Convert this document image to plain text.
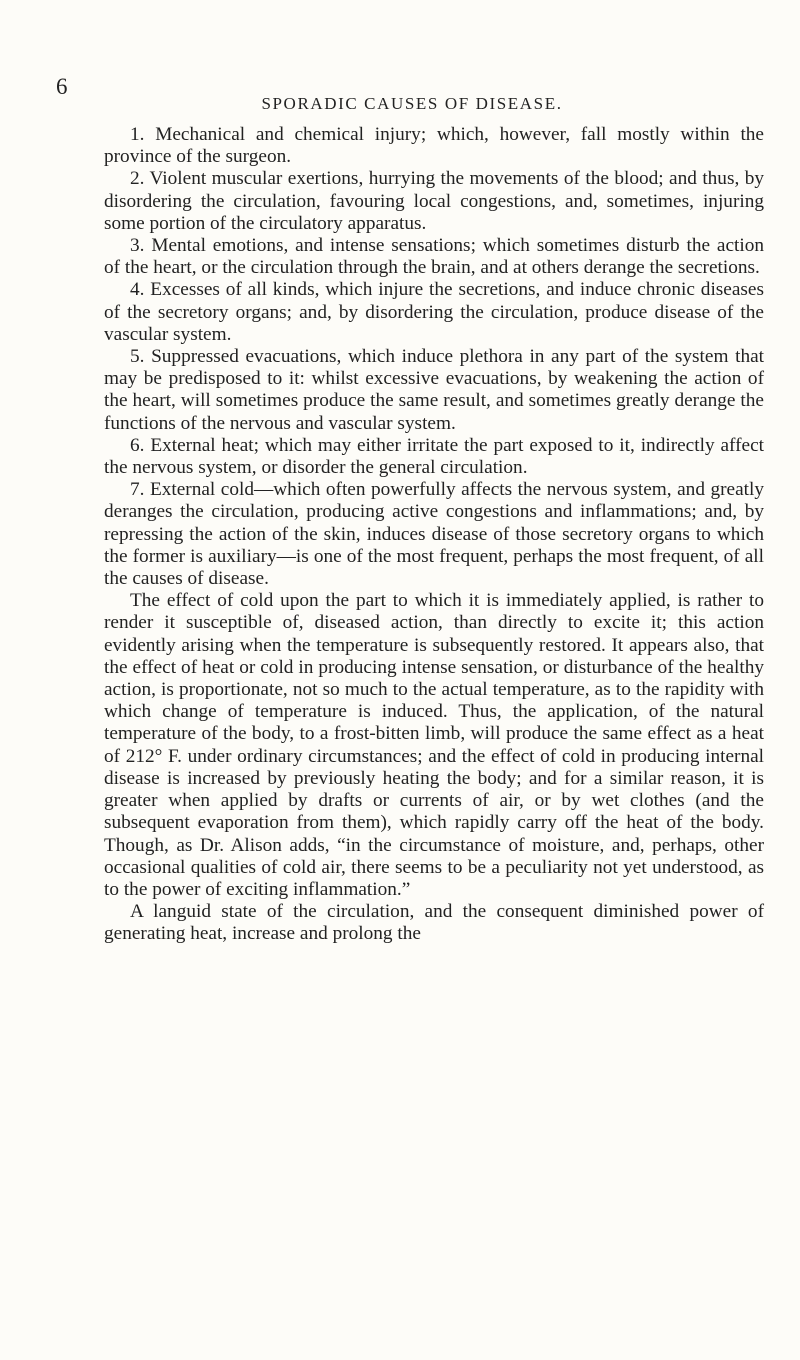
6
SPORADIC CAUSES OF DISEASE.

1. Mechanical and chemical injury; which, however, fall mostly within the province of the surgeon.

2. Violent muscular exertions, hurrying the movements of the blood; and thus, by disordering the circulation, favouring local congestions, and, sometimes, injuring some portion of the circulatory apparatus.

3. Mental emotions, and intense sensations; which sometimes disturb the action of the heart, or the circulation through the brain, and at others derange the secretions.

4. Excesses of all kinds, which injure the secretions, and induce chronic diseases of the secretory organs; and, by disordering the circulation, produce disease of the vascular system.

5. Suppressed evacuations, which induce plethora in any part of the system that may be predisposed to it: whilst excessive evacuations, by weakening the action of the heart, will sometimes produce the same result, and sometimes greatly derange the functions of the nervous and vascular system.

6. External heat; which may either irritate the part exposed to it, indirectly affect the nervous system, or disorder the general circulation.

7. External cold—which often powerfully affects the nervous system, and greatly deranges the circulation, producing active congestions and inflammations; and, by repressing the action of the skin, induces disease of those secretory organs to which the former is auxiliary—is one of the most frequent, perhaps the most frequent, of all the causes of disease.

The effect of cold upon the part to which it is immediately applied, is rather to render it susceptible of, diseased action, than directly to excite it; this action evidently arising when the temperature is subsequently restored. It appears also, that the effect of heat or cold in producing intense sensation, or disturbance of the healthy action, is proportionate, not so much to the actual temperature, as to the rapidity with which change of temperature is induced. Thus, the application, of the natural temperature of the body, to a frost-bitten limb, will produce the same effect as a heat of 212° F. under ordinary circumstances; and the effect of cold in producing internal disease is increased by previously heating the body; and for a similar reason, it is greater when applied by drafts or currents of air, or by wet clothes (and the subsequent evaporation from them), which rapidly carry off the heat of the body. Though, as Dr. Alison adds, “in the circumstance of moisture, and, perhaps, other occasional qualities of cold air, there seems to be a peculiarity not yet understood, as to the power of exciting inflammation.”

A languid state of the circulation, and the consequent diminished power of generating heat, increase and prolong the
